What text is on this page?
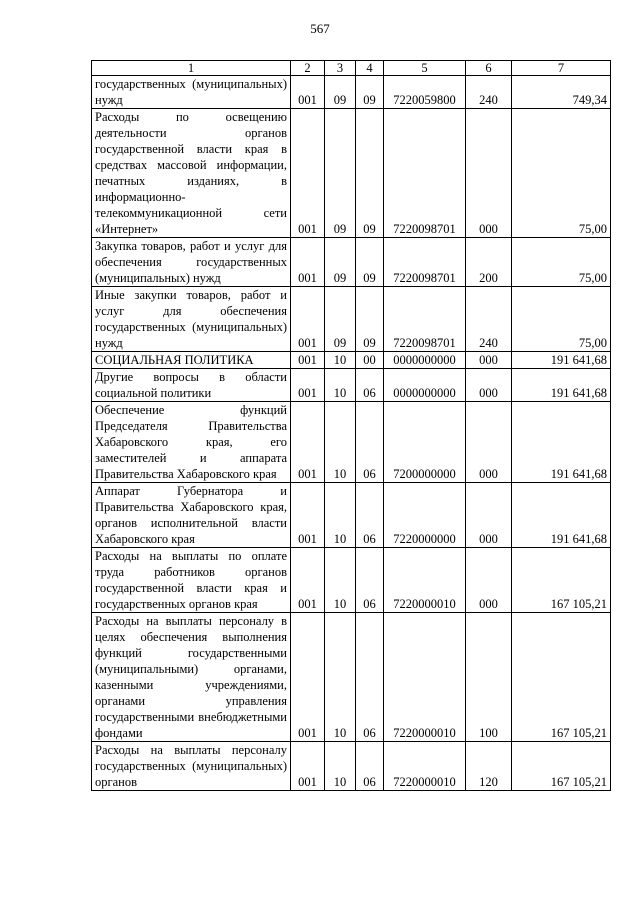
567
1	2	3	4	5	6	7
государственных (муниципальных) нужд	001	09	09	7220059800	240	749,34
Расходы по освещению деятельности органов государственной власти края в средствах массовой информации, печатных изданиях, в информационно-телекоммуникационной сети «Интернет»	001	09	09	7220098701	000	75,00
Закупка товаров, работ и услуг для обеспечения государственных (муниципальных) нужд	001	09	09	7220098701	200	75,00
Иные закупки товаров, работ и услуг для обеспечения государственных (муниципальных) нужд	001	09	09	7220098701	240	75,00
СОЦИАЛЬНАЯ ПОЛИТИКА	001	10	00	0000000000	000	191 641,68
Другие вопросы в области социальной политики	001	10	06	0000000000	000	191 641,68
Обеспечение функций Председателя Правительства Хабаровского края, его заместителей и аппарата Правительства Хабаровского края	001	10	06	7200000000	000	191 641,68
Аппарат Губернатора и Правительства Хабаровского края, органов исполнительной власти Хабаровского края	001	10	06	7220000000	000	191 641,68
Расходы на выплаты по оплате труда работников органов государственной власти края и государственных органов края	001	10	06	7220000010	000	167 105,21
Расходы на выплаты персоналу в целях обеспечения выполнения функций государственными (муниципальными) органами, казенными учреждениями, органами управления государственными внебюджетными фондами	001	10	06	7220000010	100	167 105,21
Расходы на выплаты персоналу государственных (муниципальных) органов	001	10	06	7220000010	120	167 105,21
